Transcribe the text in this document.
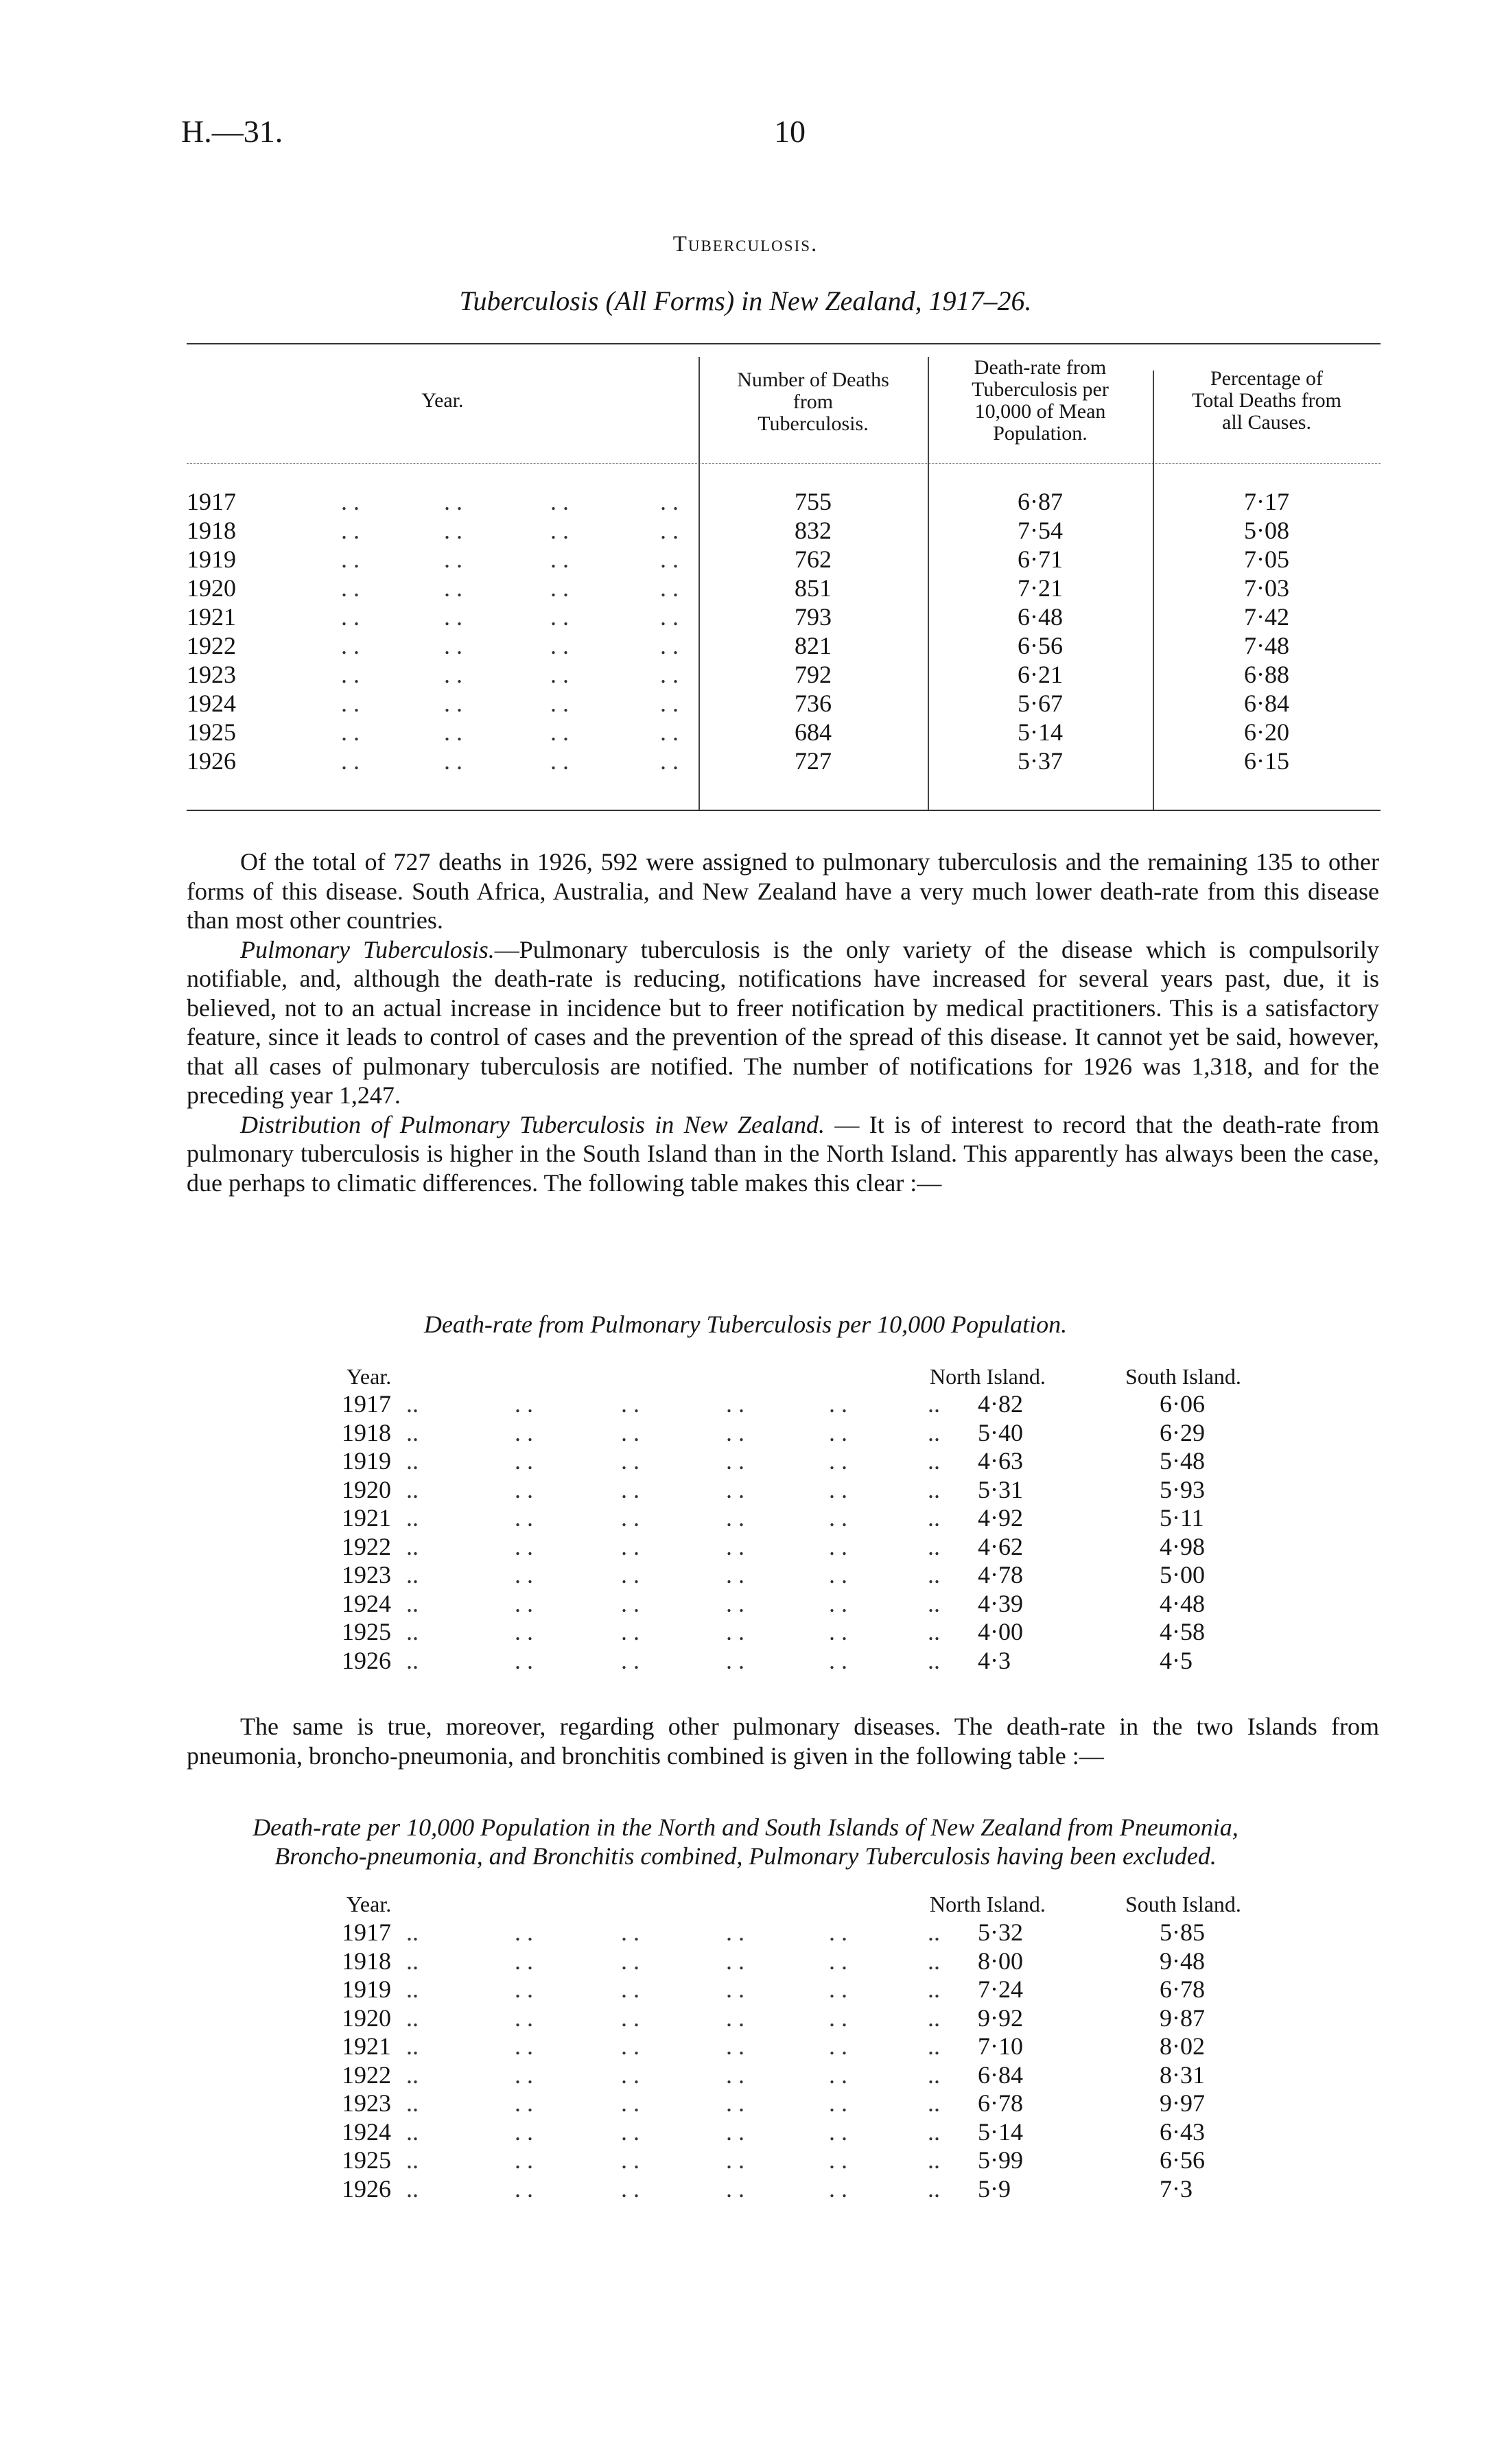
H.—31.	10
Tuberculosis.
Tuberculosis (All Forms) in New Zealand, 1917–26.
Year.
Number of Deaths
from
Tuberculosis.
Death-rate from
Tuberculosis per
10,000 of Mean
Population.
Percentage of
Total Deaths from
all Causes.
1917	. .	. .	. .	. .	755	6·87	7·17
1918	. .	. .	. .	. .	832	7·54	5·08
1919	. .	. .	. .	. .	762	6·71	7·05
1920	. .	. .	. .	. .	851	7·21	7·03
1921	. .	. .	. .	. .	793	6·48	7·42
1922	. .	. .	. .	. .	821	6·56	7·48
1923	. .	. .	. .	. .	792	6·21	6·88
1924	. .	. .	. .	. .	736	5·67	6·84
1925	. .	. .	. .	. .	684	5·14	6·20
1926	. .	. .	. .	. .	727	5·37	6·15

Of the total of 727 deaths in 1926, 592 were assigned to pulmonary tuberculosis and the remaining 135 to other forms of this disease. South Africa, Australia, and New Zealand have a very much lower death-rate from this disease than most other countries.

Pulmonary Tuberculosis.—Pulmonary tuberculosis is the only variety of the disease which is compulsorily notifiable, and, although the death-rate is reducing, notifications have increased for several years past, due, it is believed, not to an actual increase in incidence but to freer notification by medical practitioners. This is a satisfactory feature, since it leads to control of cases and the prevention of the spread of this disease. It cannot yet be said, however, that all cases of pulmonary tuberculosis are notified. The number of notifications for 1926 was 1,318, and for the preceding year 1,247.

Distribution of Pulmonary Tuberculosis in New Zealand. — It is of interest to record that the death-rate from pulmonary tuberculosis is higher in the South Island than in the North Island. This apparently has always been the case, due perhaps to climatic differences. The following table makes this clear :—

Death-rate from Pulmonary Tuberculosis per 10,000 Population.
Year.	North Island.	South Island.
1917 ..	. .	. .	. .	. .	.. 4·82	6·06
1918 ..	. .	. .	. .	. .	.. 5·40	6·29
1919 ..	. .	. .	. .	. .	.. 4·63	5·48
1920 ..	. .	. .	. .	. .	.. 5·31	5·93
1921 ..	. .	. .	. .	. .	.. 4·92	5·11
1922 ..	. .	. .	. .	. .	.. 4·62	4·98
1923 ..	. .	. .	. .	. .	.. 4·78	5·00
1924 ..	. .	. .	. .	. .	.. 4·39	4·48
1925 ..	. .	. .	. .	. .	.. 4·00	4·58
1926 ..	. .	. .	. .	. .	.. 4·3	4·5
The same is true, moreover, regarding other pulmonary diseases. The death-rate in the two Islands from pneumonia, broncho-pneumonia, and bronchitis combined is given in the following table :—
Death-rate per 10,000 Population in the North and South Islands of New Zealand from Pneumonia,
Broncho-pneumonia, and Bronchitis combined, Pulmonary Tuberculosis having been excluded.
Year.	North Island.	South Island.
1917 ..	. .	. .	. .	. .	.. 5·32	5·85
1918 ..	. .	. .	. .	. .	.. 8·00	9·48
1919 ..	. .	. .	. .	. .	.. 7·24	6·78
1920 ..	. .	. .	. .	. .	.. 9·92	9·87
1921 ..	. .	. .	. .	. .	.. 7·10	8·02
1922 ..	. .	. .	. .	. .	.. 6·84	8·31
1923 ..	. .	. .	. .	. .	.. 6·78	9·97
1924 ..	. .	. .	. .	. .	.. 5·14	6·43
1925 ..	. .	. .	. .	. .	.. 5·99	6·56
1926 ..	. .	. .	. .	. .	.. 5·9	7·3
